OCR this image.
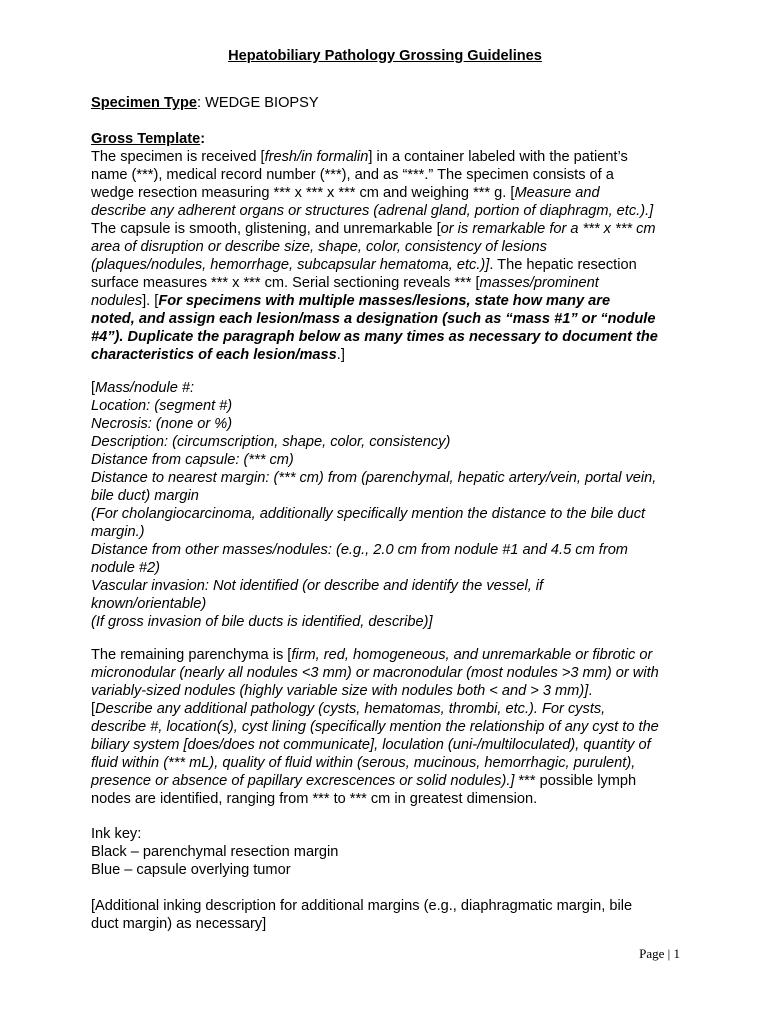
Hepatobiliary Pathology Grossing Guidelines
Specimen Type: WEDGE BIOPSY
Gross Template:
The specimen is received [fresh/in formalin] in a container labeled with the patient’s
name (***), medical record number (***), and as “***.” The specimen consists of a
wedge resection measuring *** x *** x *** cm and weighing *** g. [Measure and
describe any adherent organs or structures (adrenal gland, portion of diaphragm, etc.).]
The capsule is smooth, glistening, and unremarkable [or is remarkable for a *** x *** cm
area of disruption or describe size, shape, color, consistency of lesions
(plaques/nodules, hemorrhage, subcapsular hematoma, etc.)]. The hepatic resection
surface measures *** x *** cm. Serial sectioning reveals *** [masses/prominent
nodules]. [For specimens with multiple masses/lesions, state how many are
noted, and assign each lesion/mass a designation (such as “mass #1” or “nodule
#4”). Duplicate the paragraph below as many times as necessary to document the
characteristics of each lesion/mass.]
[Mass/nodule #:
Location: (segment #)
Necrosis: (none or %)
Description: (circumscription, shape, color, consistency)
Distance from capsule: (*** cm)
Distance to nearest margin: (*** cm) from (parenchymal, hepatic artery/vein, portal vein,
bile duct) margin
(For cholangiocarcinoma, additionally specifically mention the distance to the bile duct
margin.)
Distance from other masses/nodules: (e.g., 2.0 cm from nodule #1 and 4.5 cm from
nodule #2)
Vascular invasion: Not identified (or describe and identify the vessel, if
known/orientable)
(If gross invasion of bile ducts is identified, describe)]
The remaining parenchyma is [firm, red, homogeneous, and unremarkable or fibrotic or
micronodular (nearly all nodules <3 mm) or macronodular (most nodules >3 mm) or with
variably-sized nodules (highly variable size with nodules both < and > 3 mm)].
[Describe any additional pathology (cysts, hematomas, thrombi, etc.). For cysts,
describe #, location(s), cyst lining (specifically mention the relationship of any cyst to the
biliary system [does/does not communicate], loculation (uni-/multiloculated), quantity of
fluid within (*** mL), quality of fluid within (serous, mucinous, hemorrhagic, purulent),
presence or absence of papillary excrescences or solid nodules).] *** possible lymph
nodes are identified, ranging from *** to *** cm in greatest dimension.
Ink key:
Black – parenchymal resection margin
Blue – capsule overlying tumor
[Additional inking description for additional margins (e.g., diaphragmatic margin, bile
duct margin) as necessary]
Page | 1
